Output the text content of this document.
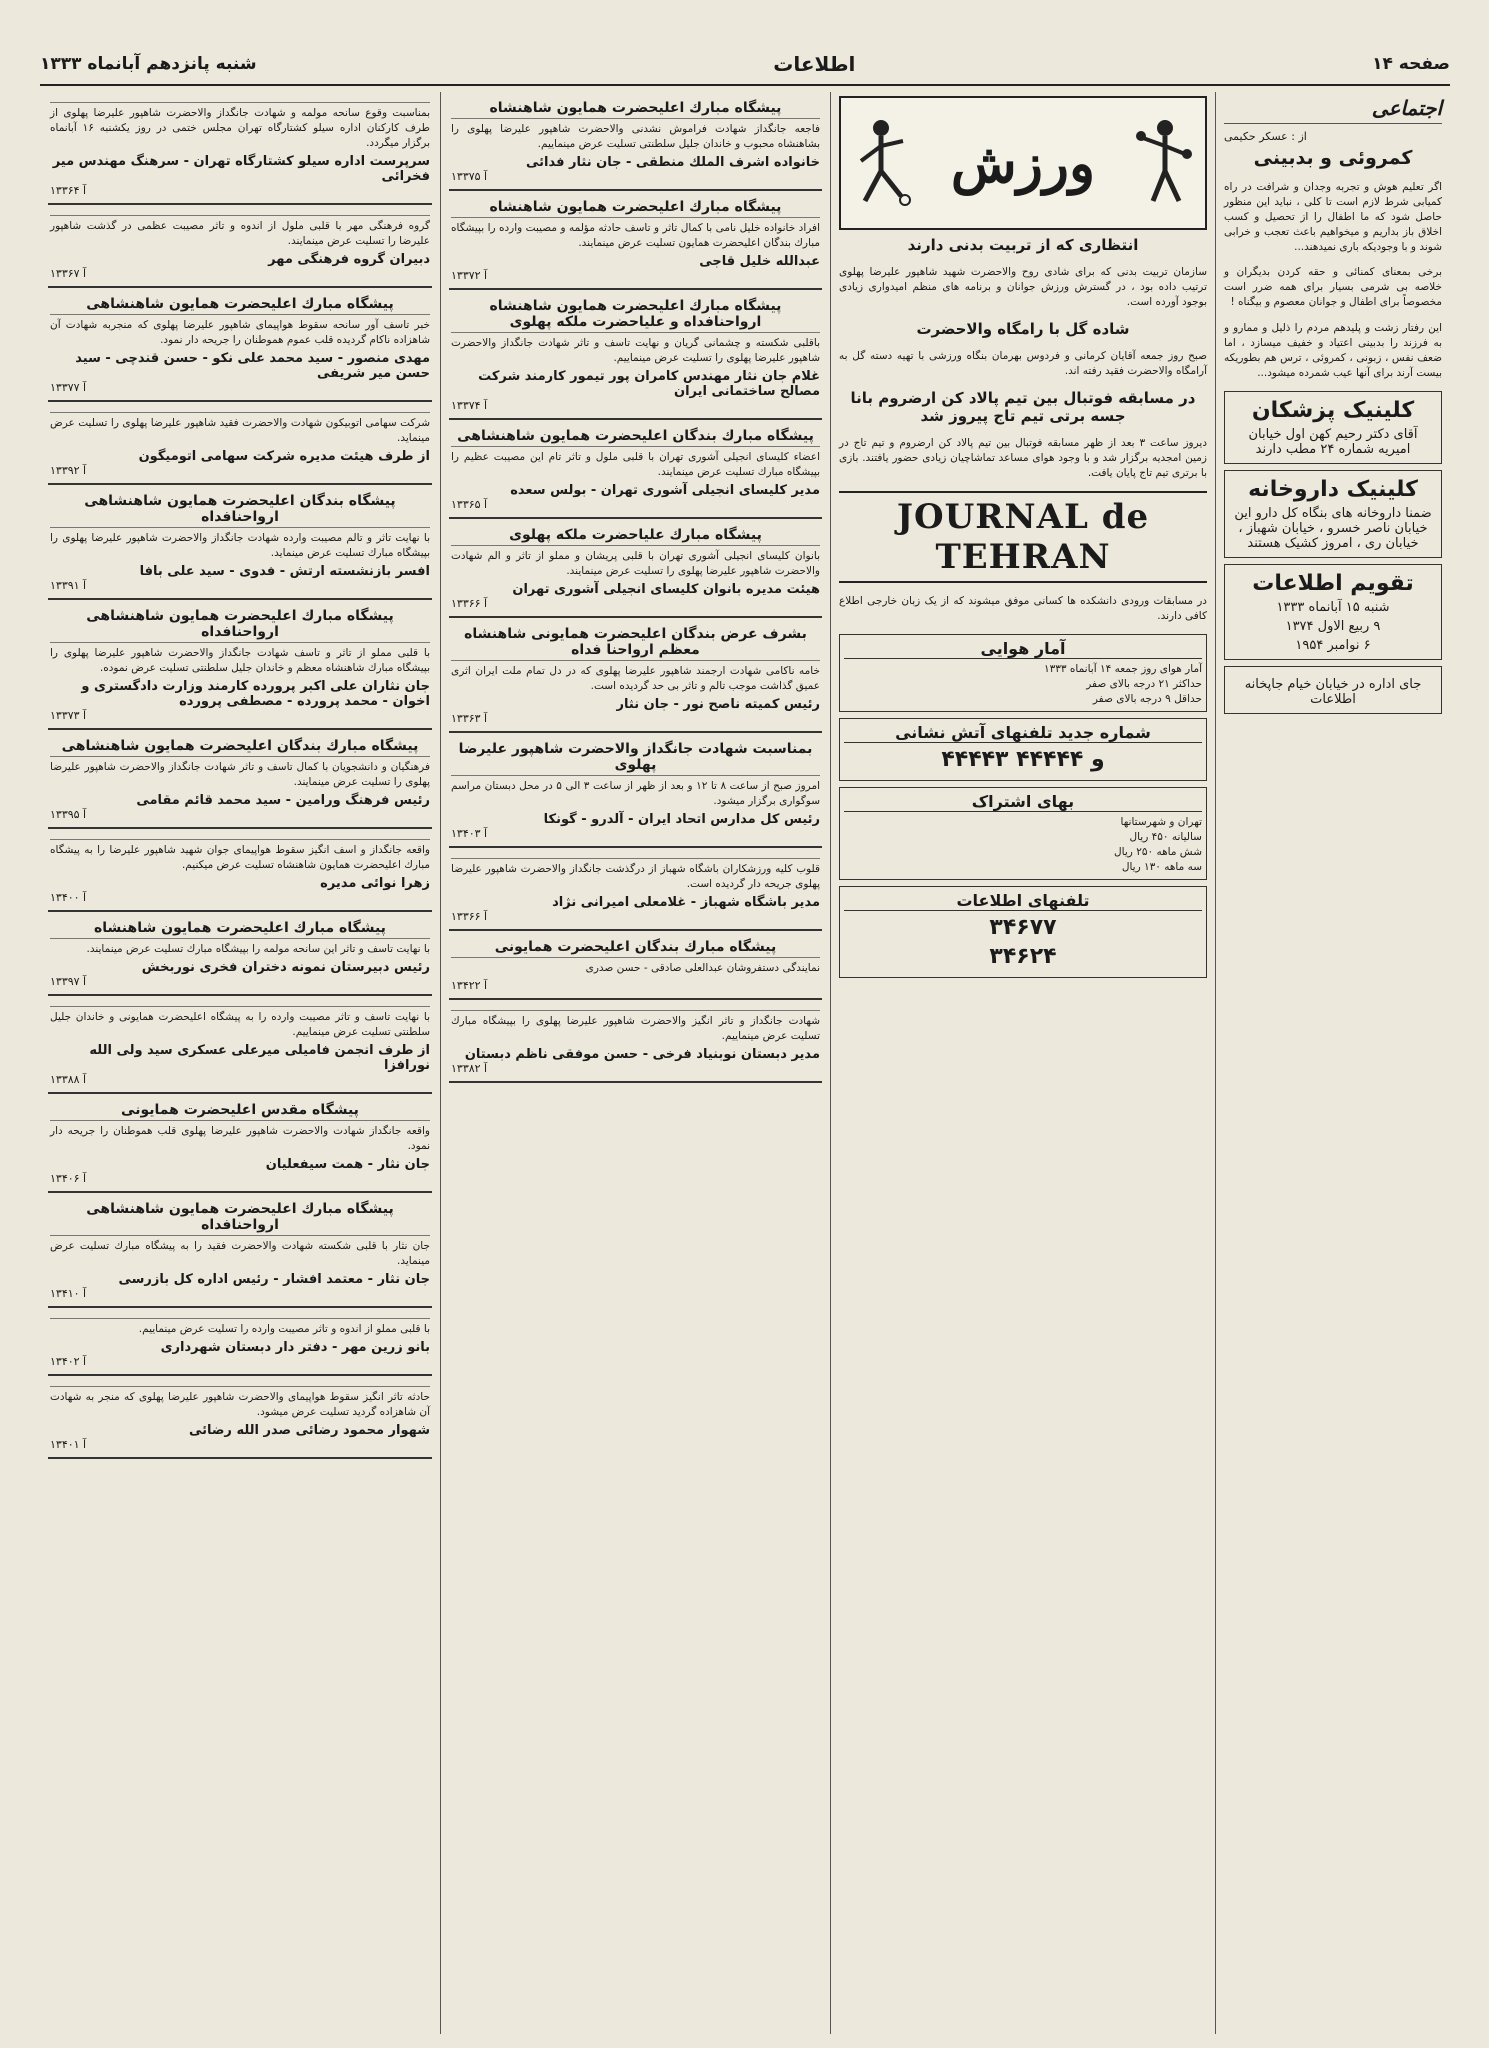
صفحه ۱۴
اطلاعات
شنبه پانزدهم آبانماه ۱۳۳۳
اجتماعی
از : عسکر حکیمی
کمروئی و بدبینی

اگر تعلیم هوش و تجربه وجدان و شرافت در راه کمیابی شرط لازم است تا کلی ، نباید این منظور حاصل شود که ما اطفال را از تحصیل و کسب اخلاق باز بداریم و میخواهیم باعث تعجب و خرابی شوند و با وجودیکه باری نمیدهند...

برخی بمعنای کمنائی و حقه کردن بدیگران و خلاصه بی شرمی بسیار برای همه ضرر است مخصوصاً برای اطفال و جوانان معصوم و بیگناه !

این رفتار زشت و پلیدهم مردم را ذلیل و ممارو و به فرزند را بدبینی اعتیاد و خفیف میسازد ، اما ضعف نفس ، زبونی ، کمروئی ، ترس هم بطوریکه بیست آرند برای آنها عیب شمرده میشود...

کلینیک پزشکان
آقای دکتر رحیم کهن اول خیابان امیریه شماره ۲۴ مطب دارند
کلینیک داروخانه
ضمنا داروخانه های بنگاه کل دارو این خیابان ناصر خسرو ، خیابان شهباز ، خیابان ری ، امروز کشیک هستند
تقویم اطلاعات
شنبه ۱۵ آبانماه ۱۳۳۳
۹ ربیع الاول ۱۳۷۴
۶ نوامبر ۱۹۵۴
جای اداره در خیابان خیام جاپخانه اطلاعات
ورزش
انتظاری که از تربیت بدنی دارند

سازمان تربیت بدنی که برای شادی روح والاحضرت شهید شاهپور علیرضا پهلوی ترتیب داده بود ، در گسترش ورزش جوانان و برنامه های منظم امیدواری زیادی بوجود آورده است.

شاد‌ه گل با رامگاه والاحضرت

صبح روز جمعه آقایان کرمانی و فردوس بهرمان بنگاه ورزشی با تهیه دسته گل به آرامگاه والاحضرت فقید رفته اند.

در مسابقه فوتبال بین تیم پالاد کن ارضروم بانا جسه برتی تیم تاج پیروز شد

دیروز ساعت ۳ بعد از ظهر مسابقه فوتبال بین تیم پالاد کن ارضروم و تیم تاج در زمین امجدیه برگزار شد و با وجود هوای مساعد تماشاچیان زیادی حضور یافتند. بازی با برتری تیم تاج پایان یافت.

JOURNAL de TEHRAN

در مسابقات ورودی دانشکده ها کسانی موفق میشوند که از یک زبان خارجی اطلاع کافی دارند.

آمار هوایی
آمار هوای روز جمعه ۱۴ آبانماه ۱۳۳۳
حداکثر ۲۱ درجه بالای صفر
حداقل ۹ درجه بالای صفر
شماره جدید تلفنهای آتش نشانی
۴۴۴۴۳ و ۴۴۴۴۴
بهای اشتراک
تهران و شهرستانها
سالیانه ۴۵۰ ریال
شش ماهه ۲۵۰ ریال
سه ماهه ۱۳۰ ریال
تلفنهای اطلاعات
۳۴۶۷۷
۳۴۶۲۴
پیشگاه مبارك اعلیحضرت همایون شاهنشاه
فاجعه جانگداز شهادت فراموش نشدنی والاحضرت شاهپور علیرضا پهلوی را بشاهنشاه محبوب و خاندان جلیل سلطنتی تسلیت عرض مینماییم.
خانواده اشرف الملك منطقی - جان نثار فدائی
آ ۱۳۳۷۵
پیشگاه مبارك اعلیحضرت همایون شاهنشاه
افراد خانواده خلیل نامی با کمال تاثر و تاسف حادثه مؤلمه و مصیبت وارده را بپیشگاه مبارك بندگان اعلیحضرت همایون تسلیت عرض مینمایند.
عبدالله خلیل قاجی
آ ۱۳۳۷۲
پیشگاه مبارك اعلیحضرت همایون شاهنشاه ارواحنافداه و علیاحضرت ملکه پهلوی
باقلبی شکسته و چشمانی گریان و نهایت تاسف و تاثر شهادت جانگداز والاحضرت شاهپور علیرضا پهلوی را تسلیت عرض مینماییم.
غلام جان نثار مهندس کامران پور تیمور کارمند شرکت مصالح ساختمانی ایران
آ ۱۳۳۷۴
پیشگاه مبارك بندگان اعلیحضرت همایون شاهنشاهی
اعضاء کلیسای انجیلی آشوری تهران با قلبی ملول و تاثر تام این مصیبت عظیم را بپیشگاه مبارك تسلیت عرض مینمایند.
مدیر کلیسای انجیلی آشوری تهران - بولس سعده
آ ۱۳۳۶۵
پیشگاه مبارك علیاحضرت ملکه پهلوی
بانوان کلیسای انجیلی آشوری تهران با قلبی پریشان و مملو از تاثر و الم شهادت والاحضرت شاهپور علیرضا پهلوی را تسلیت عرض مینمایند.
هیئت مدیره بانوان کلیسای انجیلی آشوری تهران
آ ۱۳۳۶۶
بشرف عرض بندگان اعلیحضرت همایونی شاهنشاه معظم ارواحنا فداه
خامه ناکامی شهادت ارجمند شاهپور علیرضا پهلوی که در دل تمام ملت ایران اثری عمیق گذاشت موجب تالم و تاثر بی حد گردیده است.
رئیس کمیته ناصح نور - جان نثار
آ ۱۳۳۶۳
بمناسبت شهادت جانگداز والاحضرت شاهپور علیرضا پهلوی
امروز صبح از ساعت ۸ تا ۱۲ و بعد از ظهر از ساعت ۳ الی ۵ در محل دبستان مراسم سوگواری برگزار میشود.
رئیس کل مدارس اتحاد ایران - آلدرو - گونکا
آ ۱۳۴۰۳
قلوب کلیه ورزشکاران باشگاه شهباز از درگذشت جانگداز والاحضرت شاهپور علیرضا پهلوی جریحه دار گردیده است.
مدیر باشگاه شهباز - غلامعلی امیرانی نژاد
آ ۱۳۳۶۶
پیشگاه مبارك بندگان اعلیحضرت همایونی
نمایندگی دستفروشان عبدالعلی صادقی - حسن صدری
آ ۱۳۴۲۲
شهادت جانگداز و تاثر انگیز والاحضرت شاهپور علیرضا پهلوی را بپیشگاه مبارك تسلیت عرض مینماییم.
مدیر دبستان نوبنیاد فرخی - حسن موفقی ناظم دبستان
آ ۱۳۳۸۲
بمناسبت وقوع سانحه مولمه و شهادت جانگداز والاحضرت شاهپور علیرضا پهلوی از طرف کارکنان اداره سیلو کشتارگاه تهران مجلس ختمی در روز یکشنبه ۱۶ آبانماه برگزار میگردد.
سرپرست اداره سیلو کشتارگاه تهران - سرهنگ مهندس میر فخرائی
آ ۱۳۳۶۴
گروه فرهنگی مهر با قلبی ملول از اندوه و تاثر مصیبت عظمی در گذشت شاهپور علیرضا را تسلیت عرض مینمایند.
دبیران گروه فرهنگی مهر
آ ۱۳۳۶۷
پیشگاه مبارك اعلیحضرت همایون شاهنشاهی
خبر تاسف آور سانحه سقوط هواپیمای شاهپور علیرضا پهلوی که منجربه شهادت آن شاهزاده ناکام گردیده قلب عموم هموطنان را جریحه دار نمود.
مهدی منصور - سید محمد علی نکو - حسن قندچی - سید حسن میر شریفی
آ ۱۳۳۷۷
شرکت سهامی اتوبیکون شهادت والاحضرت فقید شاهپور علیرضا پهلوی را تسلیت عرض مینماید.
از طرف هیئت مدیره شرکت سهامی اتومیگون
آ ۱۳۳۹۲
پیشگاه بندگان اعلیحضرت همایون شاهنشاهی ارواحنافداه
با نهایت تاثر و تالم مصیبت وارده شهادت جانگداز والاحضرت شاهپور علیرضا پهلوی را بپیشگاه مبارك تسلیت عرض مینماید.
افسر بازنشسته ارتش - فدوی - سید علی بافا
آ ۱۳۳۹۱
پیشگاه مبارك اعلیحضرت همایون شاهنشاهی ارواحنافداه
با قلبی مملو از تاثر و تاسف شهادت جانگداز والاحضرت شاهپور علیرضا پهلوی را بپیشگاه مبارك شاهنشاه معظم و خاندان جلیل سلطنتی تسلیت عرض نموده.
جان نثاران علی اکبر پرورده کارمند وزارت دادگستری و اخوان - محمد پرورده - مصطفی پرورده
آ ۱۳۳۷۳
پیشگاه مبارك بندگان اعلیحضرت همایون شاهنشاهی
فرهنگیان و دانشجویان با کمال تاسف و تاثر شهادت جانگداز والاحضرت شاهپور علیرضا پهلوی را تسلیت عرض مینمایند.
رئیس فرهنگ ورامین - سید محمد قائم مقامی
آ ۱۳۳۹۵
واقعه جانگداز و اسف انگیز سقوط هواپیمای جوان شهید شاهپور علیرضا را به پیشگاه مبارك اعلیحضرت همایون شاهنشاه تسلیت عرض میکنیم.
زهرا نوائی مدیره
آ ۱۳۴۰۰
پیشگاه مبارك اعلیحضرت همایون شاهنشاه
با نهایت تاسف و تاثر این سانحه مولمه را بپیشگاه مبارك تسلیت عرض مینمایند.
رئیس دبیرستان نمونه دختران فخری نوربخش
آ ۱۳۳۹۷
با نهایت تاسف و تاثر مصیبت وارده را به پیشگاه اعلیحضرت همایونی و خاندان جلیل سلطنتی تسلیت عرض مینماییم.
از طرف انجمن فامیلی میرعلی عسکری سید ولی الله نورافزا
آ ۱۳۳۸۸
پیشگاه مقدس اعلیحضرت همایونی
واقعه جانگداز شهادت والاحضرت شاهپور علیرضا پهلوی قلب هموطنان را جریحه دار نمود.
جان نثار - همت سیفعلیان
آ ۱۳۴۰۶
پیشگاه مبارك اعلیحضرت همایون شاهنشاهی ارواحنافداه
جان نثار با قلبی شکسته شهادت والاحضرت فقید را به پیشگاه مبارك تسلیت عرض مینماید.
جان نثار - معتمد افشار - رئیس اداره کل بازرسی
آ ۱۳۴۱۰
با قلبی مملو از اندوه و تاثر مصیبت وارده را تسلیت عرض مینماییم.
بانو زرین مهر - دفتر دار دبستان شهرداری
آ ۱۳۴۰۲
حادثه تاثر انگیز سقوط هواپیمای والاحضرت شاهپور علیرضا پهلوی که منجر به شهادت آن شاهزاده گردید تسلیت عرض میشود.
شهوار محمود رضائی صدر الله رضائی
آ ۱۳۴۰۱
